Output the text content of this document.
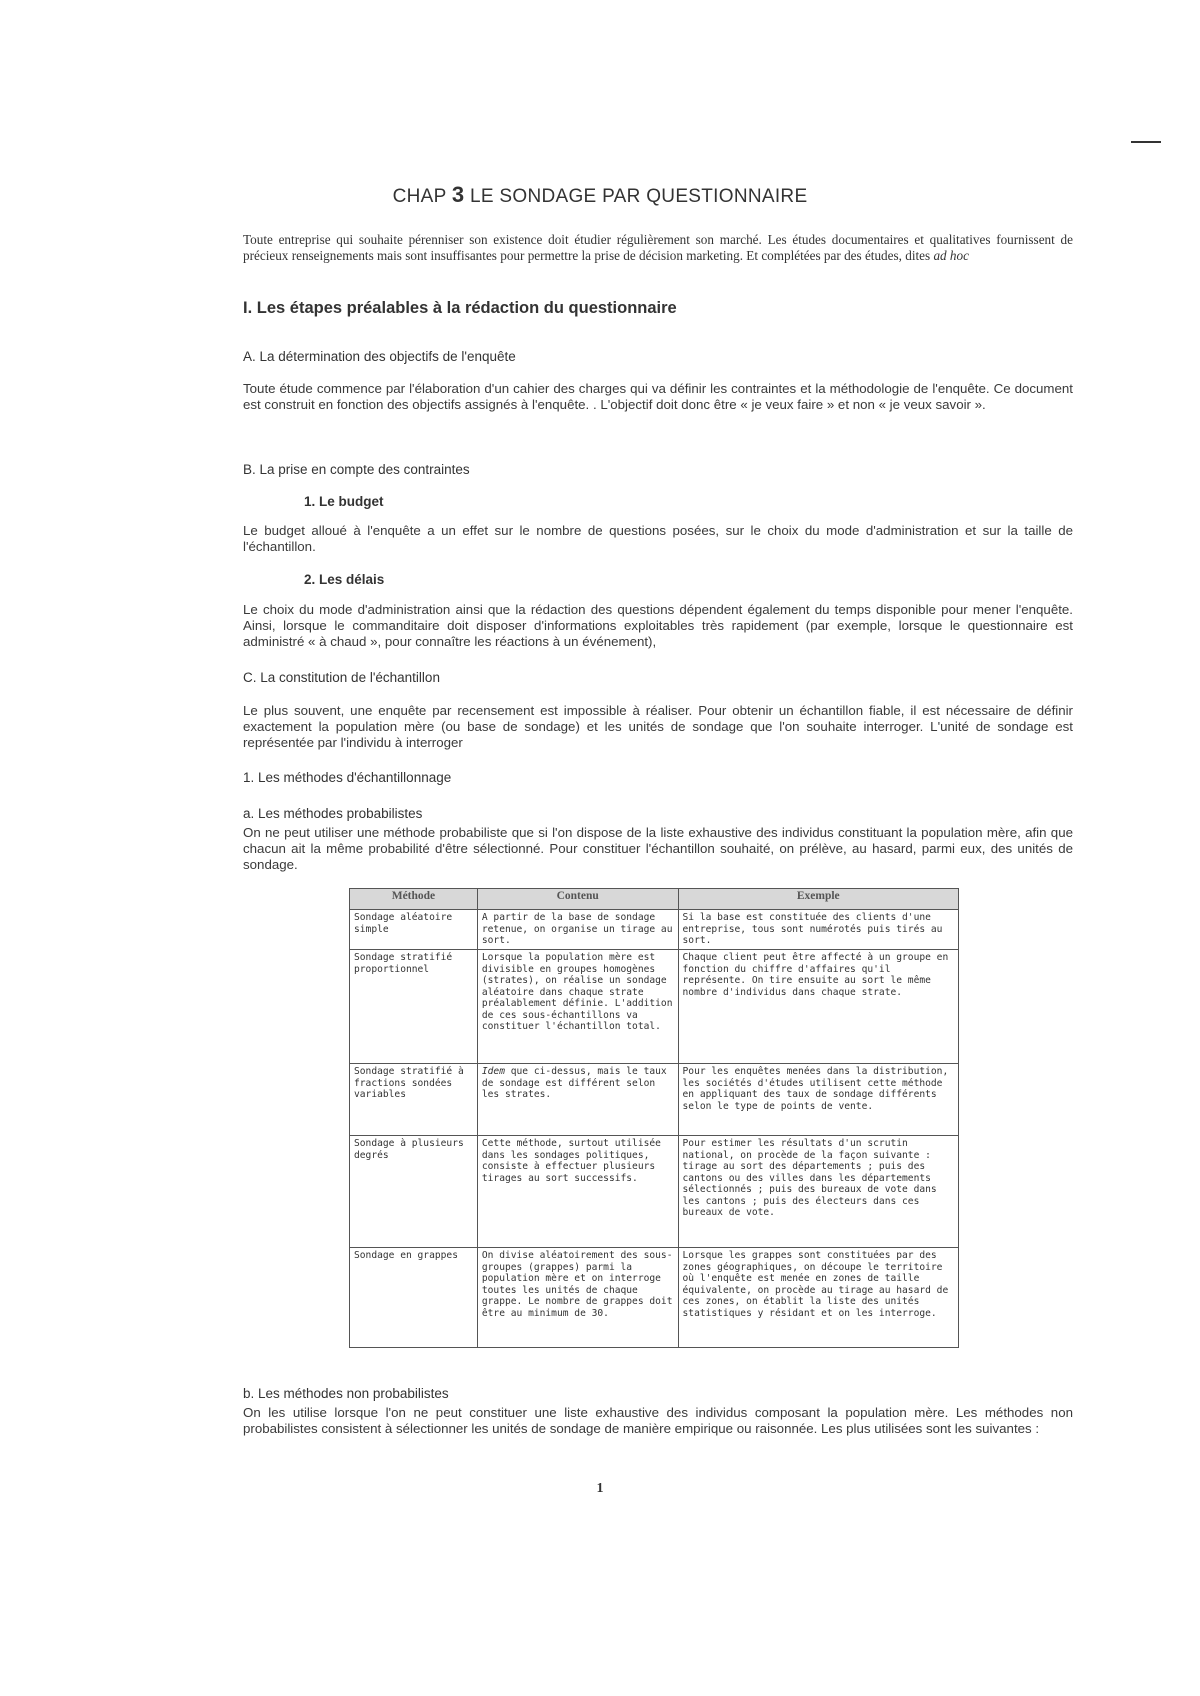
CHAP 3 LE SONDAGE PAR QUESTIONNAIRE
Toute entreprise qui souhaite pérenniser son existence doit étudier régulièrement son marché. Les études documentaires et qualitatives fournissent de précieux renseignements mais sont insuffisantes pour permettre la prise de décision marketing. Et complétées par des études, dites ad hoc
I. Les étapes préalables à la rédaction du questionnaire
A. La détermination des objectifs de l'enquête
Toute étude commence par l'élaboration d'un cahier des charges qui va définir les contraintes et la méthodologie de l'enquête. Ce document est construit en fonction des objectifs assignés à l'enquête. . L'objectif doit donc être « je veux faire » et non « je veux savoir ».
B. La prise en compte des contraintes
1. Le budget
Le budget alloué à l'enquête a un effet sur le nombre de questions posées, sur le choix du mode d'administration et sur la taille de l'échantillon.
2. Les délais
Le choix du mode d'administration ainsi que la rédaction des questions dépendent également du temps disponible pour mener l'enquête. Ainsi, lorsque le commanditaire doit disposer d'informations exploitables très rapidement (par exemple, lorsque le questionnaire est administré « à chaud », pour connaître les réactions à un événement),
C. La constitution de l'échantillon
Le plus souvent, une enquête par recensement est impossible à réaliser. Pour obtenir un échantillon fiable, il est nécessaire de définir exactement la population mère (ou base de sondage) et les unités de sondage que l'on souhaite interroger. L'unité de sondage est représentée par l'individu à interroger
1. Les méthodes d'échantillonnage
a. Les méthodes probabilistes
On ne peut utiliser une méthode probabiliste que si l'on dispose de la liste exhaustive des individus constituant la population mère, afin que chacun ait la même probabilité d'être sélectionné. Pour constituer l'échantillon souhaité, on prélève, au hasard, parmi eux, des unités de sondage.
Méthode	Contenu	Exemple
Sondage aléatoire simple	A partir de la base de sondage retenue, on organise un tirage au sort.	Si la base est constituée des clients d'une entreprise, tous sont numérotés puis tirés au sort.
Sondage stratifié proportionnel	Lorsque la population mère est divisible en groupes homogènes (strates), on réalise un sondage aléatoire dans chaque strate préalablement définie. L'addition de ces sous-échantillons va constituer l'échantillon total.	Chaque client peut être affecté à un groupe en fonction du chiffre d'affaires qu'il représente. On tire ensuite au sort le même nombre d'individus dans chaque strate.
Sondage stratifié à fractions sondées variables	Idem que ci-dessus, mais le taux de sondage est différent selon les strates.	Pour les enquêtes menées dans la distribution, les sociétés d'études utilisent cette méthode en appliquant des taux de sondage différents selon le type de points de vente.
Sondage à plusieurs degrés	Cette méthode, surtout utilisée dans les sondages politiques, consiste à effectuer plusieurs tirages au sort successifs.	Pour estimer les résultats d'un scrutin national, on procède de la façon suivante : tirage au sort des départements ; puis des cantons ou des villes dans les départements sélectionnés ; puis des bureaux de vote dans les cantons ; puis des électeurs dans ces bureaux de vote.
Sondage en grappes	On divise aléatoirement des sous-groupes (grappes) parmi la population mère et on interroge toutes les unités de chaque grappe. Le nombre de grappes doit être au minimum de 30.	Lorsque les grappes sont constituées par des zones géographiques, on découpe le territoire où l'enquête est menée en zones de taille équivalente, on procède au tirage au hasard de ces zones, on établit la liste des unités statistiques y résidant et on les interroge.
b. Les méthodes non probabilistes
On les utilise lorsque l'on ne peut constituer une liste exhaustive des individus composant la population mère. Les méthodes non probabilistes consistent à sélectionner les unités de sondage de manière empirique ou raisonnée. Les plus utilisées sont les suivantes :
1
